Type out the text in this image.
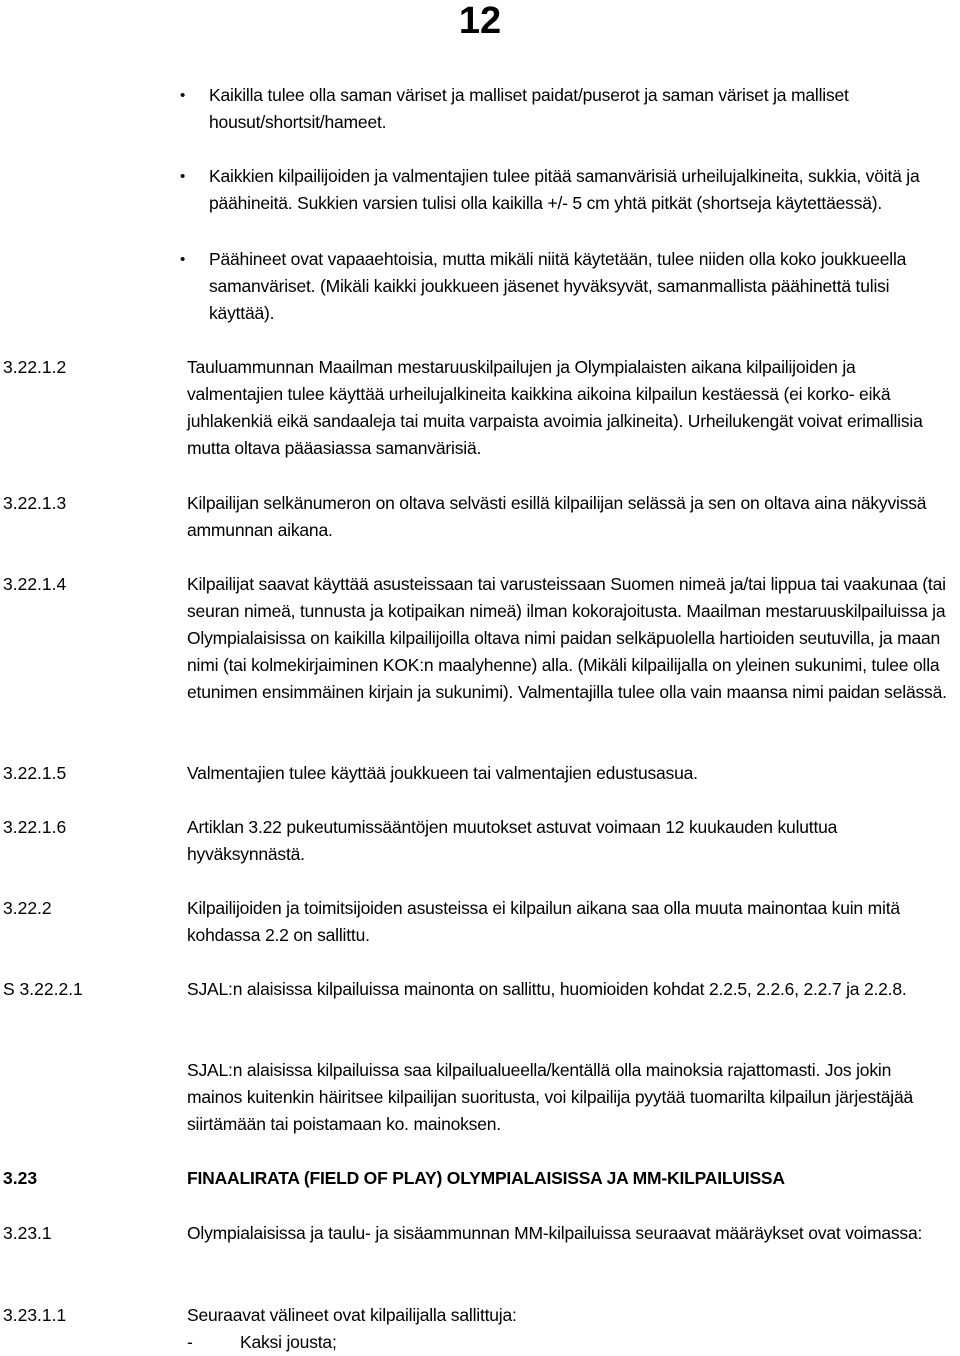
12
• Kaikilla tulee olla saman väriset ja malliset paidat/puserot ja saman väriset ja malliset housut/shortsit/hameet.
• Kaikkien kilpailijoiden ja valmentajien tulee pitää samanvärisiä urheilujalkineita, sukkia, vöitä ja päähineitä. Sukkien varsien tulisi olla kaikilla +/- 5 cm yhtä pitkät (shortseja käytettäessä).
• Päähineet ovat vapaaehtoisia, mutta mikäli niitä käytetään, tulee niiden olla koko joukkueella samanväriset. (Mikäli kaikki joukkueen jäsenet hyväksyvät, samanmallista päähinettä tulisi käyttää).
3.22.1.2	Tauluammunnan Maailman mestaruuskilpailujen ja Olympialaisten aikana kilpailijoiden ja valmentajien tulee käyttää urheilujalkineita kaikkina aikoina kilpailun kestäessä (ei korko- eikä juhlakenkiä eikä sandaaleja tai muita varpaista avoimia jalkineita). Urheilukengät voivat erimallisia mutta oltava pääasiassa samanvärisiä.
3.22.1.3	Kilpailijan selkänumeron on oltava selvästi esillä kilpailijan selässä ja sen on oltava aina näkyvissä ammunnan aikana.
3.22.1.4	Kilpailijat saavat käyttää asusteissaan tai varusteissaan Suomen nimeä ja/tai lippua tai vaakunaa (tai seuran nimeä, tunnusta ja kotipaikan nimeä) ilman kokorajoitusta. Maailman mestaruuskilpailuissa ja Olympialaisissa on kaikilla kilpailijoilla oltava nimi paidan selkäpuolella hartioiden seutuvilla, ja maan nimi (tai kolmekirjaiminen KOK:n maalyhenne) alla. (Mikäli kilpailijalla on yleinen sukunimi, tulee olla etunimen ensimmäinen kirjain ja sukunimi). Valmentajilla tulee olla vain maansa nimi paidan selässä.
3.22.1.5	Valmentajien tulee käyttää joukkueen tai valmentajien edustusasua.
3.22.1.6	Artiklan 3.22 pukeutumissääntöjen muutokset astuvat voimaan 12 kuukauden kuluttua hyväksynnästä.
3.22.2	Kilpailijoiden ja toimitsijoiden asusteissa ei kilpailun aikana saa olla muuta mainontaa kuin mitä kohdassa 2.2 on sallittu.
S 3.22.2.1	SJAL:n alaisissa kilpailuissa mainonta on sallittu, huomioiden kohdat 2.2.5, 2.2.6, 2.2.7 ja 2.2.8.
SJAL:n alaisissa kilpailuissa saa kilpailualueella/kentällä olla mainoksia rajattomasti. Jos jokin mainos kuitenkin häiritsee kilpailijan suoritusta, voi kilpailija pyytää tuomarilta kilpailun järjestäjää siirtämään tai poistamaan ko. mainoksen.
3.23	FINAALIRATA (FIELD OF PLAY) OLYMPIALAISISSA JA MM-KILPAILUISSA
3.23.1	Olympialaisissa ja taulu- ja sisäammunnan MM-kilpailuissa seuraavat määräykset ovat voimassa:
3.23.1.1	Seuraavat välineet ovat kilpailijalla sallittuja:
-	Kaksi jousta;
